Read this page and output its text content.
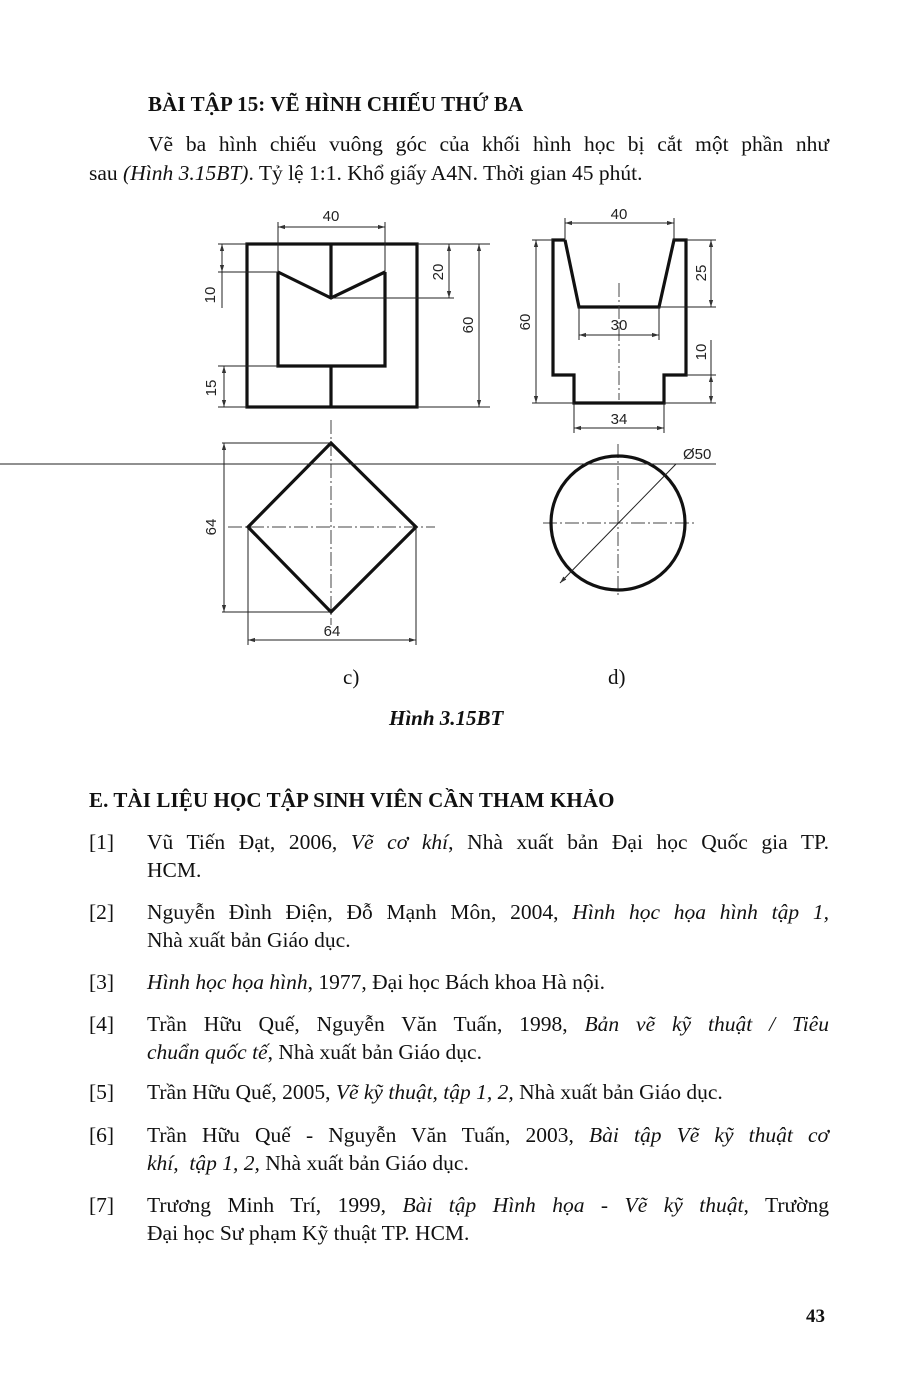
BÀI TẬP 15: VẼ HÌNH CHIẾU THỨ BA
Vẽ ba hình chiếu vuông góc của khối hình học bị cắt một phần như
sau (Hình 3.15BT). Tỷ lệ 1:1. Khổ giấy A4N. Thời gian 45 phút.
40
10
15
20
60
64
64
40
60	30
25
10
34
Ø50
c)	d)
Hình 3.15BT
E. TÀI LIỆU HỌC TẬP SINH VIÊN CẦN THAM KHẢO
[1]	Vũ Tiến Đạt, 2006, Vẽ cơ khí, Nhà xuất bản Đại học Quốc gia TP.
HCM.
[2]	Nguyễn Đình Điện, Đỗ Mạnh Môn, 2004, Hình học họa hình tập 1,
Nhà xuất bản Giáo dục.
[3]	Hình học họa hình, 1977, Đại học Bách khoa Hà nội.
[4]	Trần Hữu Quế, Nguyễn Văn Tuấn, 1998, Bản vẽ kỹ thuật / Tiêu
chuẩn quốc tế, Nhà xuất bản Giáo dục.
[5]	Trần Hữu Quế, 2005, Vẽ kỹ thuật, tập 1, 2, Nhà xuất bản Giáo dục.
[6]	Trần Hữu Quế - Nguyễn Văn Tuấn, 2003, Bài tập Vẽ kỹ thuật cơ
khí,  tập 1, 2, Nhà xuất bản Giáo dục.
[7]	Trương Minh Trí, 1999, Bài tập Hình họa - Vẽ kỹ thuật, Trường
Đại học Sư phạm Kỹ thuật TP. HCM.
43
